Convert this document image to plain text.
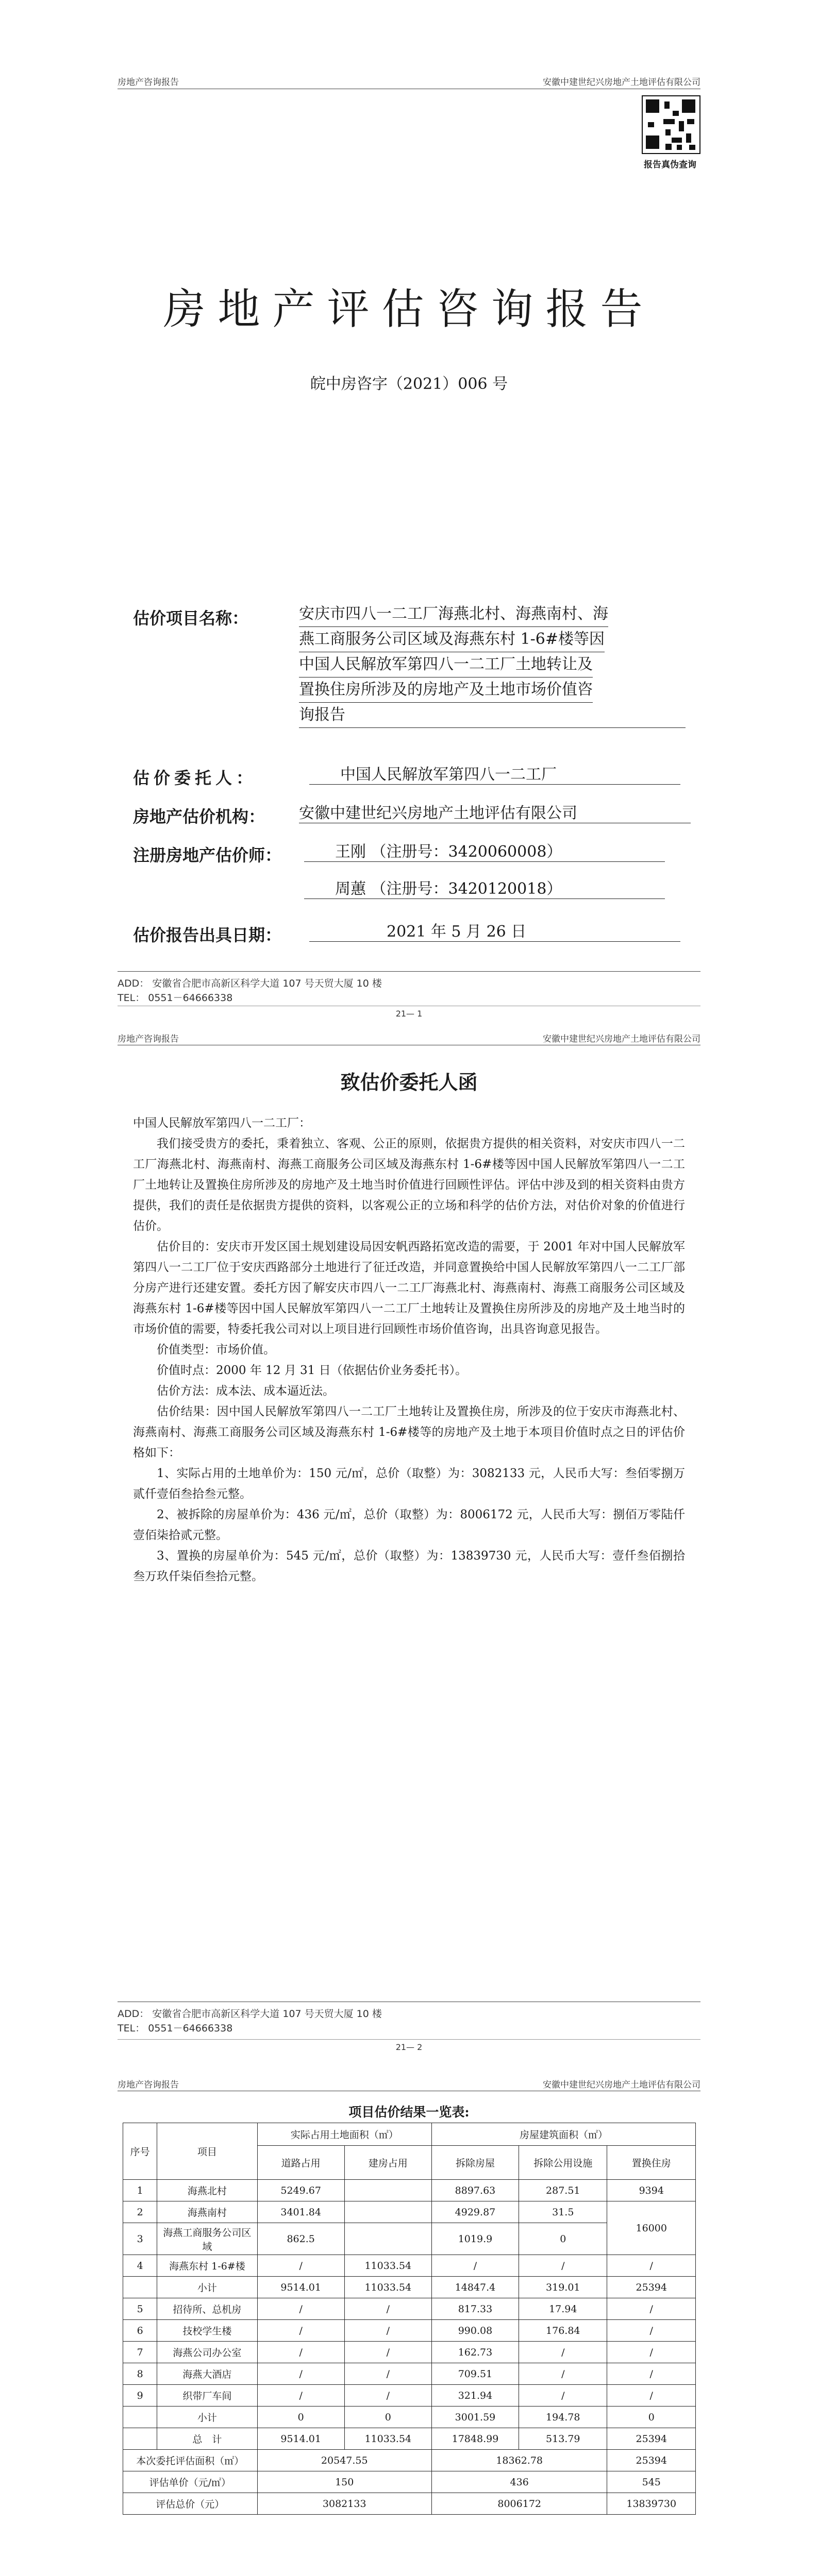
房地产咨询报告	安徽中建世纪兴房地产土地评估有限公司
报告真伪查询
房地产评估咨询报告
皖中房咨字（2021）006 号
估价项目名称：	安庆市四八一二工厂海燕北村、海燕南村、海
燕工商服务公司区域及海燕东村 1-6#楼等因
中国人民解放军第四八一二工厂土地转让及
置换住房所涉及的房地产及土地市场价值咨
询报告
估价委托人：	中国人民解放军第四八一二工厂
房地产估价机构： 安徽中建世纪兴房地产土地评估有限公司
注册房地产估价师：	王刚 （注册号：3420060008）
周蕙 （注册号：3420120018）
估价报告出具日期：	2021 年 5 月 26 日
ADD： 安徽省合肥市高新区科学大道 107 号天贸大厦 10 楼
TEL： 0551－64666338
21— 1
房地产咨询报告	安徽中建世纪兴房地产土地评估有限公司
致估价委托人函

中国人民解放军第四八一二工厂：

我们接受贵方的委托，秉着独立、客观、公正的原则，依据贵方提供的相关资料，对安庆市四八一二工厂海燕北村、海燕南村、海燕工商服务公司区域及海燕东村 1-6#楼等因中国人民解放军第四八一二工厂土地转让及置换住房所涉及的房地产及土地当时价值进行回顾性评估。评估中涉及到的相关资料由贵方提供，我们的责任是依据贵方提供的资料，以客观公正的立场和科学的估价方法，对估价对象的价值进行估价。

估价目的：安庆市开发区国土规划建设局因安帆西路拓宽改造的需要，于 2001 年对中国人民解放军第四八一二工厂位于安庆西路部分土地进行了征迁改造，并同意置换给中国人民解放军第四八一二工厂部分房产进行还建安置。委托方因了解安庆市四八一二工厂海燕北村、海燕南村、海燕工商服务公司区域及海燕东村 1-6#楼等因中国人民解放军第四八一二工厂土地转让及置换住房所涉及的房地产及土地当时的市场价值的需要，特委托我公司对以上项目进行回顾性市场价值咨询，出具咨询意见报告。

价值类型：市场价值。

价值时点：2000 年 12 月 31 日（依据估价业务委托书）。

估价方法：成本法、成本逼近法。

估价结果：因中国人民解放军第四八一二工厂土地转让及置换住房，所涉及的位于安庆市海燕北村、海燕南村、海燕工商服务公司区域及海燕东村 1-6#楼等的房地产及土地于本项目价值时点之日的评估价格如下：

1、实际占用的土地单价为：150 元/㎡，总价（取整）为：3082133 元，人民币大写：叁佰零捌万贰仟壹佰叁拾叁元整。

2、被拆除的房屋单价为：436 元/㎡，总价（取整）为：8006172 元，人民币大写：捌佰万零陆仟壹佰柒拾贰元整。

3、置换的房屋单价为：545 元/㎡，总价（取整）为：13839730 元，人民币大写：壹仟叁佰捌拾叁万玖仟柒佰叁拾元整。

ADD： 安徽省合肥市高新区科学大道 107 号天贸大厦 10 楼
TEL： 0551－64666338
21— 2
房地产咨询报告	安徽中建世纪兴房地产土地评估有限公司
项目估价结果一览表:
序号	项目	实际占用土地面积（㎡）		房屋建筑面积（㎡）		
		道路占用	建房占用	拆除房屋	拆除公用设施	置换住房
1	海燕北村	5249.67		8897.63	287.51	9394
2	海燕南村	3401.84		4929.87	31.5	16000
3	海燕工商服务公司区域	862.5		1019.9	0	
4	海燕东村 1-6#楼	/	11033.54	/	/	/
	小计	9514.01	11033.54	14847.4	319.01	25394
5	招待所、总机房	/	/	817.33	17.94	/
6	技校学生楼	/	/	990.08	176.84	/
7	海燕公司办公室	/	/	162.73	/	/
8	海燕大酒店	/	/	709.51	/	/
9	织带厂车间	/	/	321.94	/	/
	小计	0	0	3001.59	194.78	0
	总　计	9514.01	11033.54	17848.99	513.79	25394
本次委托评估面积（㎡）		20547.55		18362.78		25394
评估单价（元/㎡）		150		436		545
评估总价（元）		3082133		8006172		13839730
